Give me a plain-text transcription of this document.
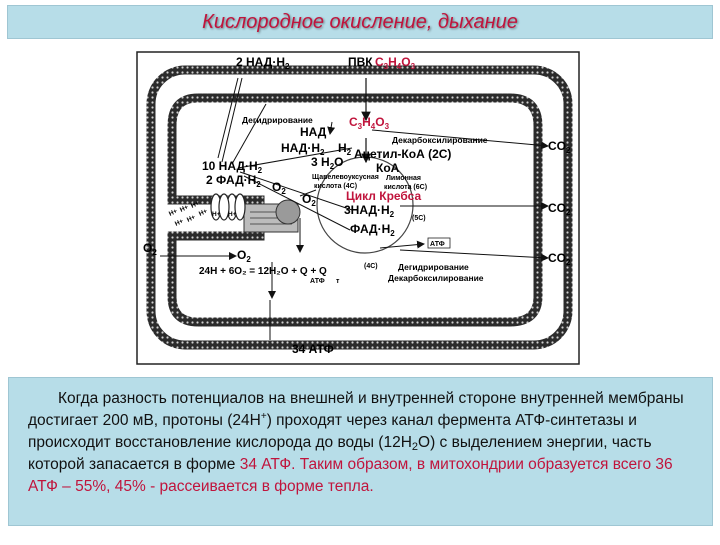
Кислородное окисление, дыхание
2 $НАД\cdot Н_2$	ПВК $C_3H_4O_3$
Дегидрирование
НАД
$НАД\cdot Н_2$ $Н_2$
$C_3H_4O_3$
Декарбоксилирование	$CO_2$
$CO_2$
$CO_2$
10 $НАД\cdot Н_2$
2 $ФАД\cdot Н_2$
3 $Н_2O$
Ацетил-КоА (2С)
КоА
Щавелевоуксусная
кислота (4С)
Лимонная
кислота (6С)
$O_2$
$O_2$
Цикл Кребса
$3НАД\cdot Н_2$	(5С)
$ФАД\cdot Н_2$
АТФ
$O_2$	$O_2$
24Н + 6O₂ = 12Н₂O + Q + Q
АТФ т
(4С) Дегидрирование
Декарбоксилирование
34 АТФ
Н+ Н+ Н+
Н+ Н+
Н+ Н+ Н+
Когда разность потенциалов на внешней и внутренней стороне внутренней мембраны достигает 200 мВ, протоны (24Н+) проходят через канал фермента АТФ-синтетазы и происходит восстановление кислорода до воды $(12Н_2О)$ с выделением энергии, часть которой запасается в форме 34 АТФ. Таким образом, в митохондрии образуется всего 36 АТФ – 55%, 45% - рассеивается в форме тепла.
